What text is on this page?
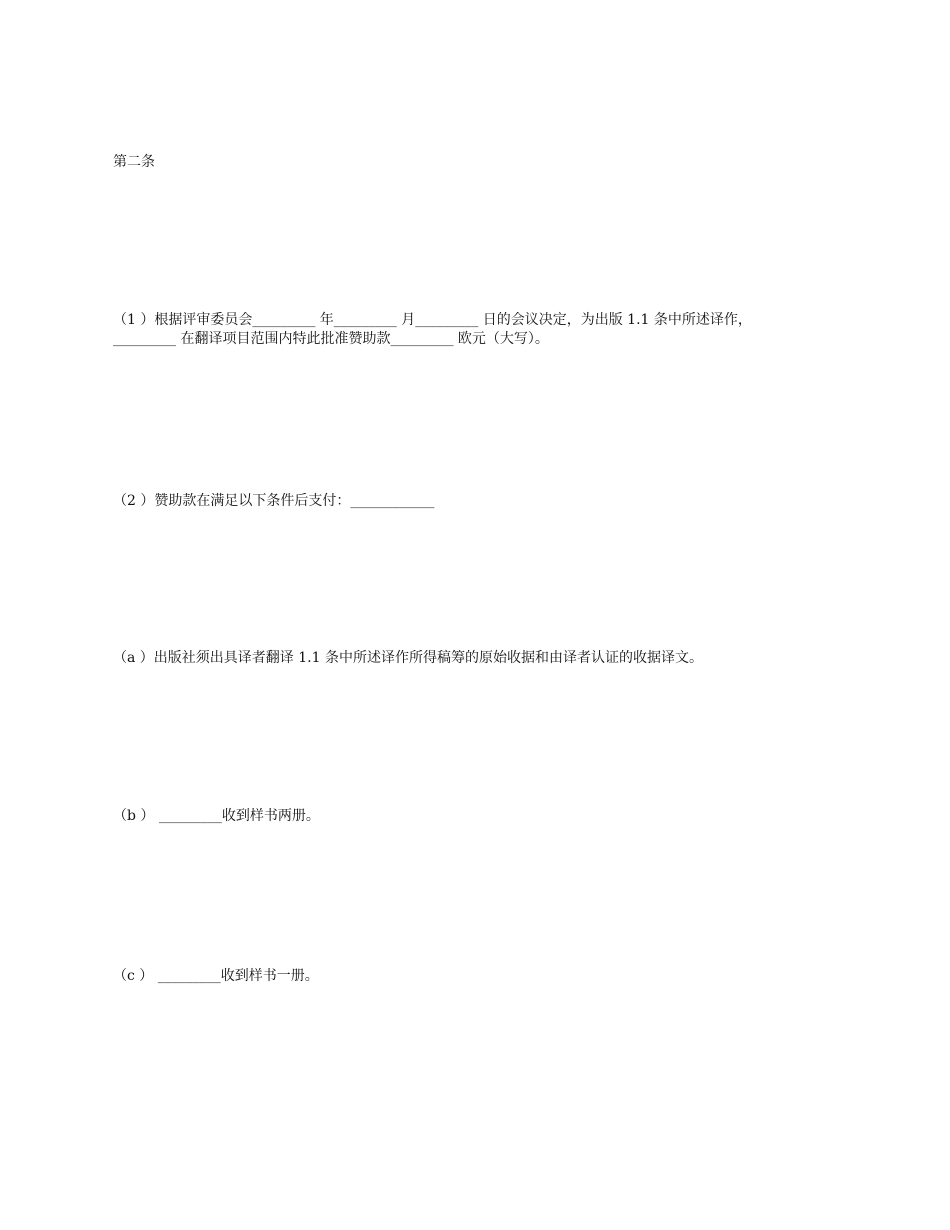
第二条

（1 ）根据评审委员会_________ 年_________ 月_________ 日的会议决定，为出版 1.1 条中所述译作，
_________ 在翻译项目范围内特此批准赞助款_________ 欧元（大写）。

（2 ）赞助款在满足以下条件后支付：____________

（a ）出版社须出具译者翻译 1.1 条中所述译作所得稿筹的原始收据和由译者认证的收据译文。

（b ） _________收到样书两册。

（c ） _________收到样书一册。
